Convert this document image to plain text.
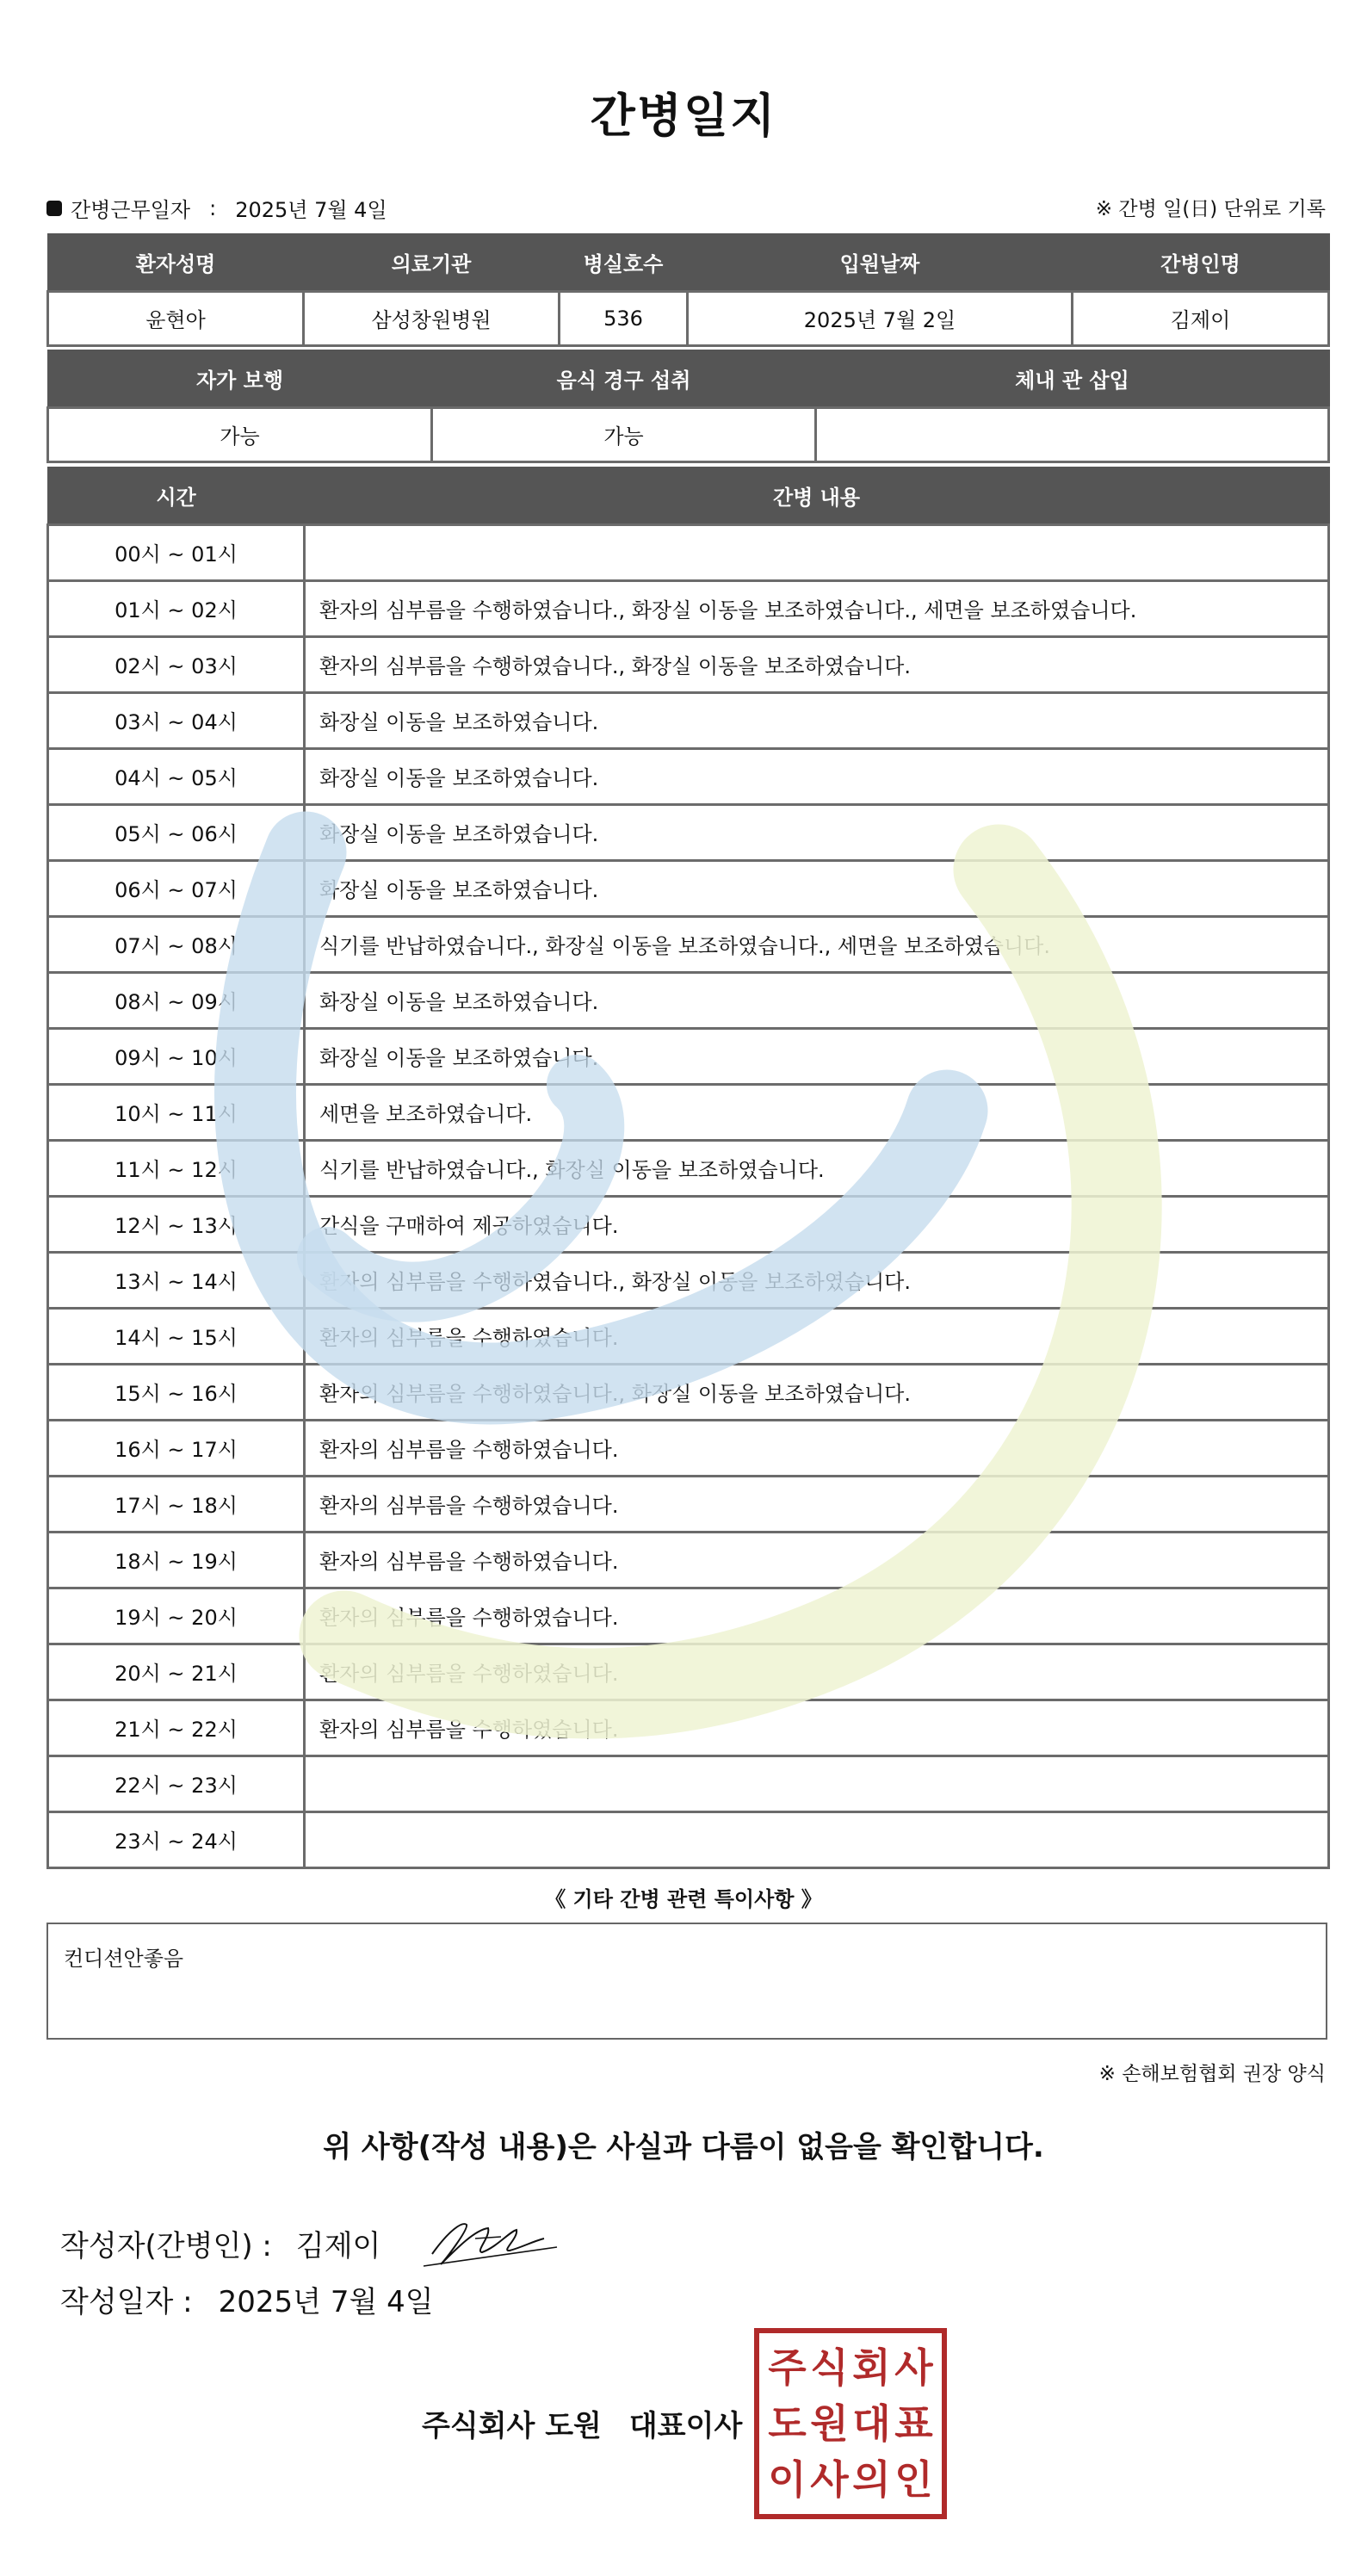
간병일지
간병근무일자 : 2025년 7월 4일	※ 간병 일(日) 단위로 기록
환자성명	의료기관	병실호수	입원날짜	간병인명
윤현아	삼성창원병원	536	2025년 7월 2일	김제이
자가 보행	음식 경구 섭취	체내 관 삽입
가능	가능	
시간	간병 내용
00시 ~ 01시	
01시 ~ 02시	환자의 심부름을 수행하였습니다., 화장실 이동을 보조하였습니다., 세면을 보조하였습니다.
02시 ~ 03시	환자의 심부름을 수행하였습니다., 화장실 이동을 보조하였습니다.
03시 ~ 04시	화장실 이동을 보조하였습니다.
04시 ~ 05시	화장실 이동을 보조하였습니다.
05시 ~ 06시	화장실 이동을 보조하였습니다.
06시 ~ 07시	화장실 이동을 보조하였습니다.
07시 ~ 08시	식기를 반납하였습니다., 화장실 이동을 보조하였습니다., 세면을 보조하였습니다.
08시 ~ 09시	화장실 이동을 보조하였습니다.
09시 ~ 10시	화장실 이동을 보조하였습니다.
10시 ~ 11시	세면을 보조하였습니다.
11시 ~ 12시	식기를 반납하였습니다., 화장실 이동을 보조하였습니다.
12시 ~ 13시	간식을 구매하여 제공하였습니다.
13시 ~ 14시	환자의 심부름을 수행하였습니다., 화장실 이동을 보조하였습니다.
14시 ~ 15시	환자의 심부름을 수행하였습니다.
15시 ~ 16시	환자의 심부름을 수행하였습니다., 화장실 이동을 보조하였습니다.
16시 ~ 17시	환자의 심부름을 수행하였습니다.
17시 ~ 18시	환자의 심부름을 수행하였습니다.
18시 ~ 19시	환자의 심부름을 수행하였습니다.
19시 ~ 20시	환자의 심부름을 수행하였습니다.
20시 ~ 21시	환자의 심부름을 수행하였습니다.
21시 ~ 22시	환자의 심부름을 수행하였습니다.
22시 ~ 23시	
23시 ~ 24시	
《 기타 간병 관련 특이사항 》
컨디션안좋음
※ 손해보험협회 권장 양식
위 사항(작성 내용)은 사실과 다름이 없음을 확인합니다.
작성자(간병인) : 김제이
작성일자 : 2025년 7월 4일
주식회사 도원 대표이사
주 식 회 사
도 원 대 표
이 사 의 인
